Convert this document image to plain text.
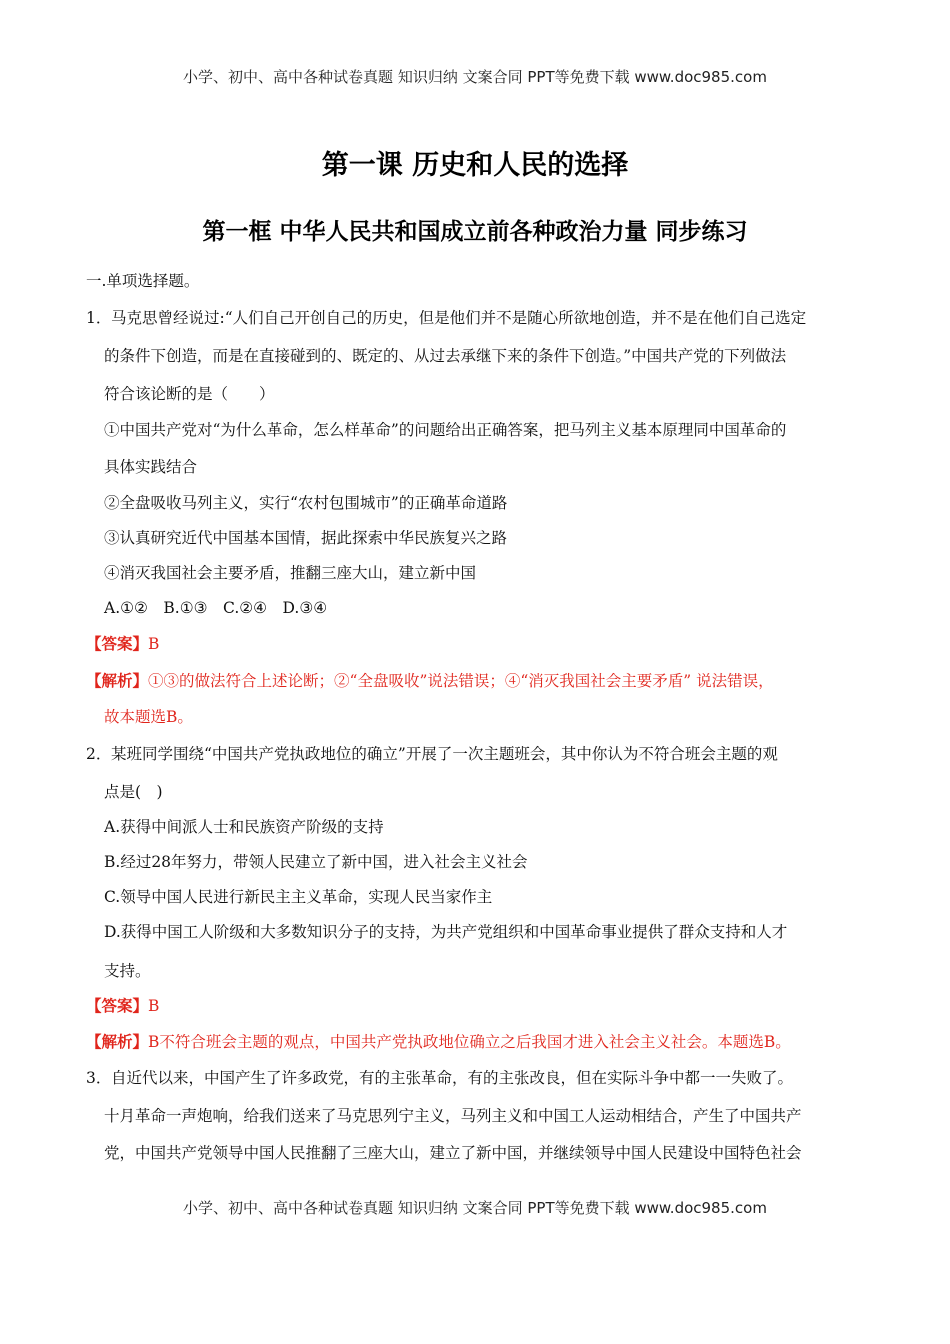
小学、初中、高中各种试卷真题 知识归纳 文案合同 PPT等免费下载 www.doc985.com
第一课 历史和人民的选择
第一框 中华人民共和国成立前各种政治力量 同步练习
一.单项选择题。
1． 马克思曾经说过:“人们自己开创自己的历史，但是他们并不是随心所欲地创造，并不是在他们自己选定
的条件下创造，而是在直接碰到的、既定的、从过去承继下来的条件下创造。”中国共产党的下列做法
符合该论断的是（　　）
①中国共产党对“为什么革命，怎么样革命”的问题给出正确答案，把马列主义基本原理同中国革命的
具体实践结合
②全盘吸收马列主义，实行“农村包围城市”的正确革命道路
③认真研究近代中国基本国情，据此探索中华民族复兴之路
④消灭我国社会主要矛盾，推翻三座大山，建立新中国
A.①②　B.①③　C.②④　D.③④
【答案】B
【解析】①③的做法符合上述论断；②“全盘吸收”说法错误；④“消灭我国社会主要矛盾” 说法错误，
故本题选B。
2． 某班同学围绕“中国共产党执政地位的确立”开展了一次主题班会，其中你认为不符合班会主题的观
点是(　)
A.获得中间派人士和民族资产阶级的支持
B.经过28年努力，带领人民建立了新中国，进入社会主义社会
C.领导中国人民进行新民主主义革命，实现人民当家作主
D.获得中国工人阶级和大多数知识分子的支持，为共产党组织和中国革命事业提供了群众支持和人才
支持。
【答案】B
【解析】B不符合班会主题的观点，中国共产党执政地位确立之后我国才进入社会主义社会。本题选B。
3． 自近代以来，中国产生了许多政党，有的主张革命，有的主张改良，但在实际斗争中都一一失败了。
十月革命一声炮响，给我们送来了马克思列宁主义，马列主义和中国工人运动相结合，产生了中国共产
党，中国共产党领导中国人民推翻了三座大山，建立了新中国，并继续领导中国人民建设中国特色社会
小学、初中、高中各种试卷真题 知识归纳 文案合同 PPT等免费下载 www.doc985.com
